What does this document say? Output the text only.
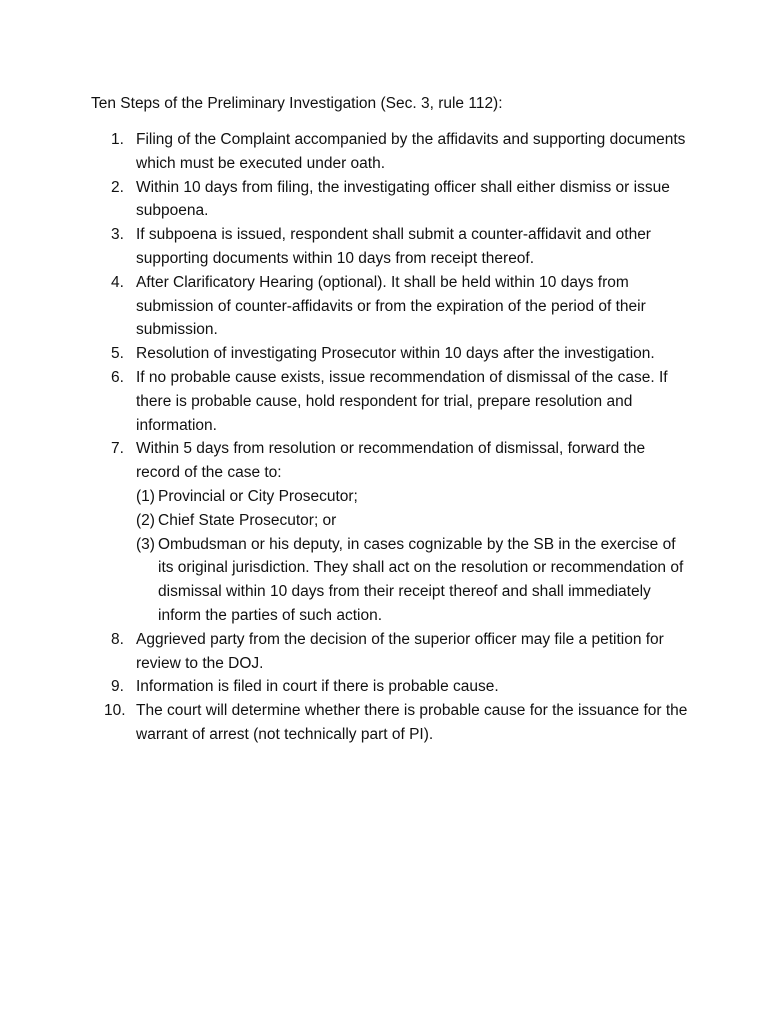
Ten Steps of the Preliminary Investigation (Sec. 3, rule 112):
1. Filing of the Complaint accompanied by the affidavits and supporting documents which must be executed under oath.
2. Within 10 days from filing, the investigating officer shall either dismiss or issue subpoena.
3. If subpoena is issued, respondent shall submit a counter-affidavit and other supporting documents within 10 days from receipt thereof.
4. After Clarificatory Hearing (optional). It shall be held within 10 days from submission of counter-affidavits or from the expiration of the period of their submission.
5. Resolution of investigating Prosecutor within 10 days after the investigation.
6. If no probable cause exists, issue recommendation of dismissal of the case. If there is probable cause, hold respondent for trial, prepare resolution and information.
7. Within 5 days from resolution or recommendation of dismissal, forward the record of the case to:
(1) Provincial or City Prosecutor;
(2) Chief State Prosecutor; or
(3) Ombudsman or his deputy, in cases cognizable by the SB in the exercise of its original jurisdiction. They shall act on the resolution or recommendation of dismissal within 10 days from their receipt thereof and shall immediately inform the parties of such action.
8. Aggrieved party from the decision of the superior officer may file a petition for review to the DOJ.
9. Information is filed in court if there is probable cause.
10. The court will determine whether there is probable cause for the issuance for the warrant of arrest (not technically part of PI).
